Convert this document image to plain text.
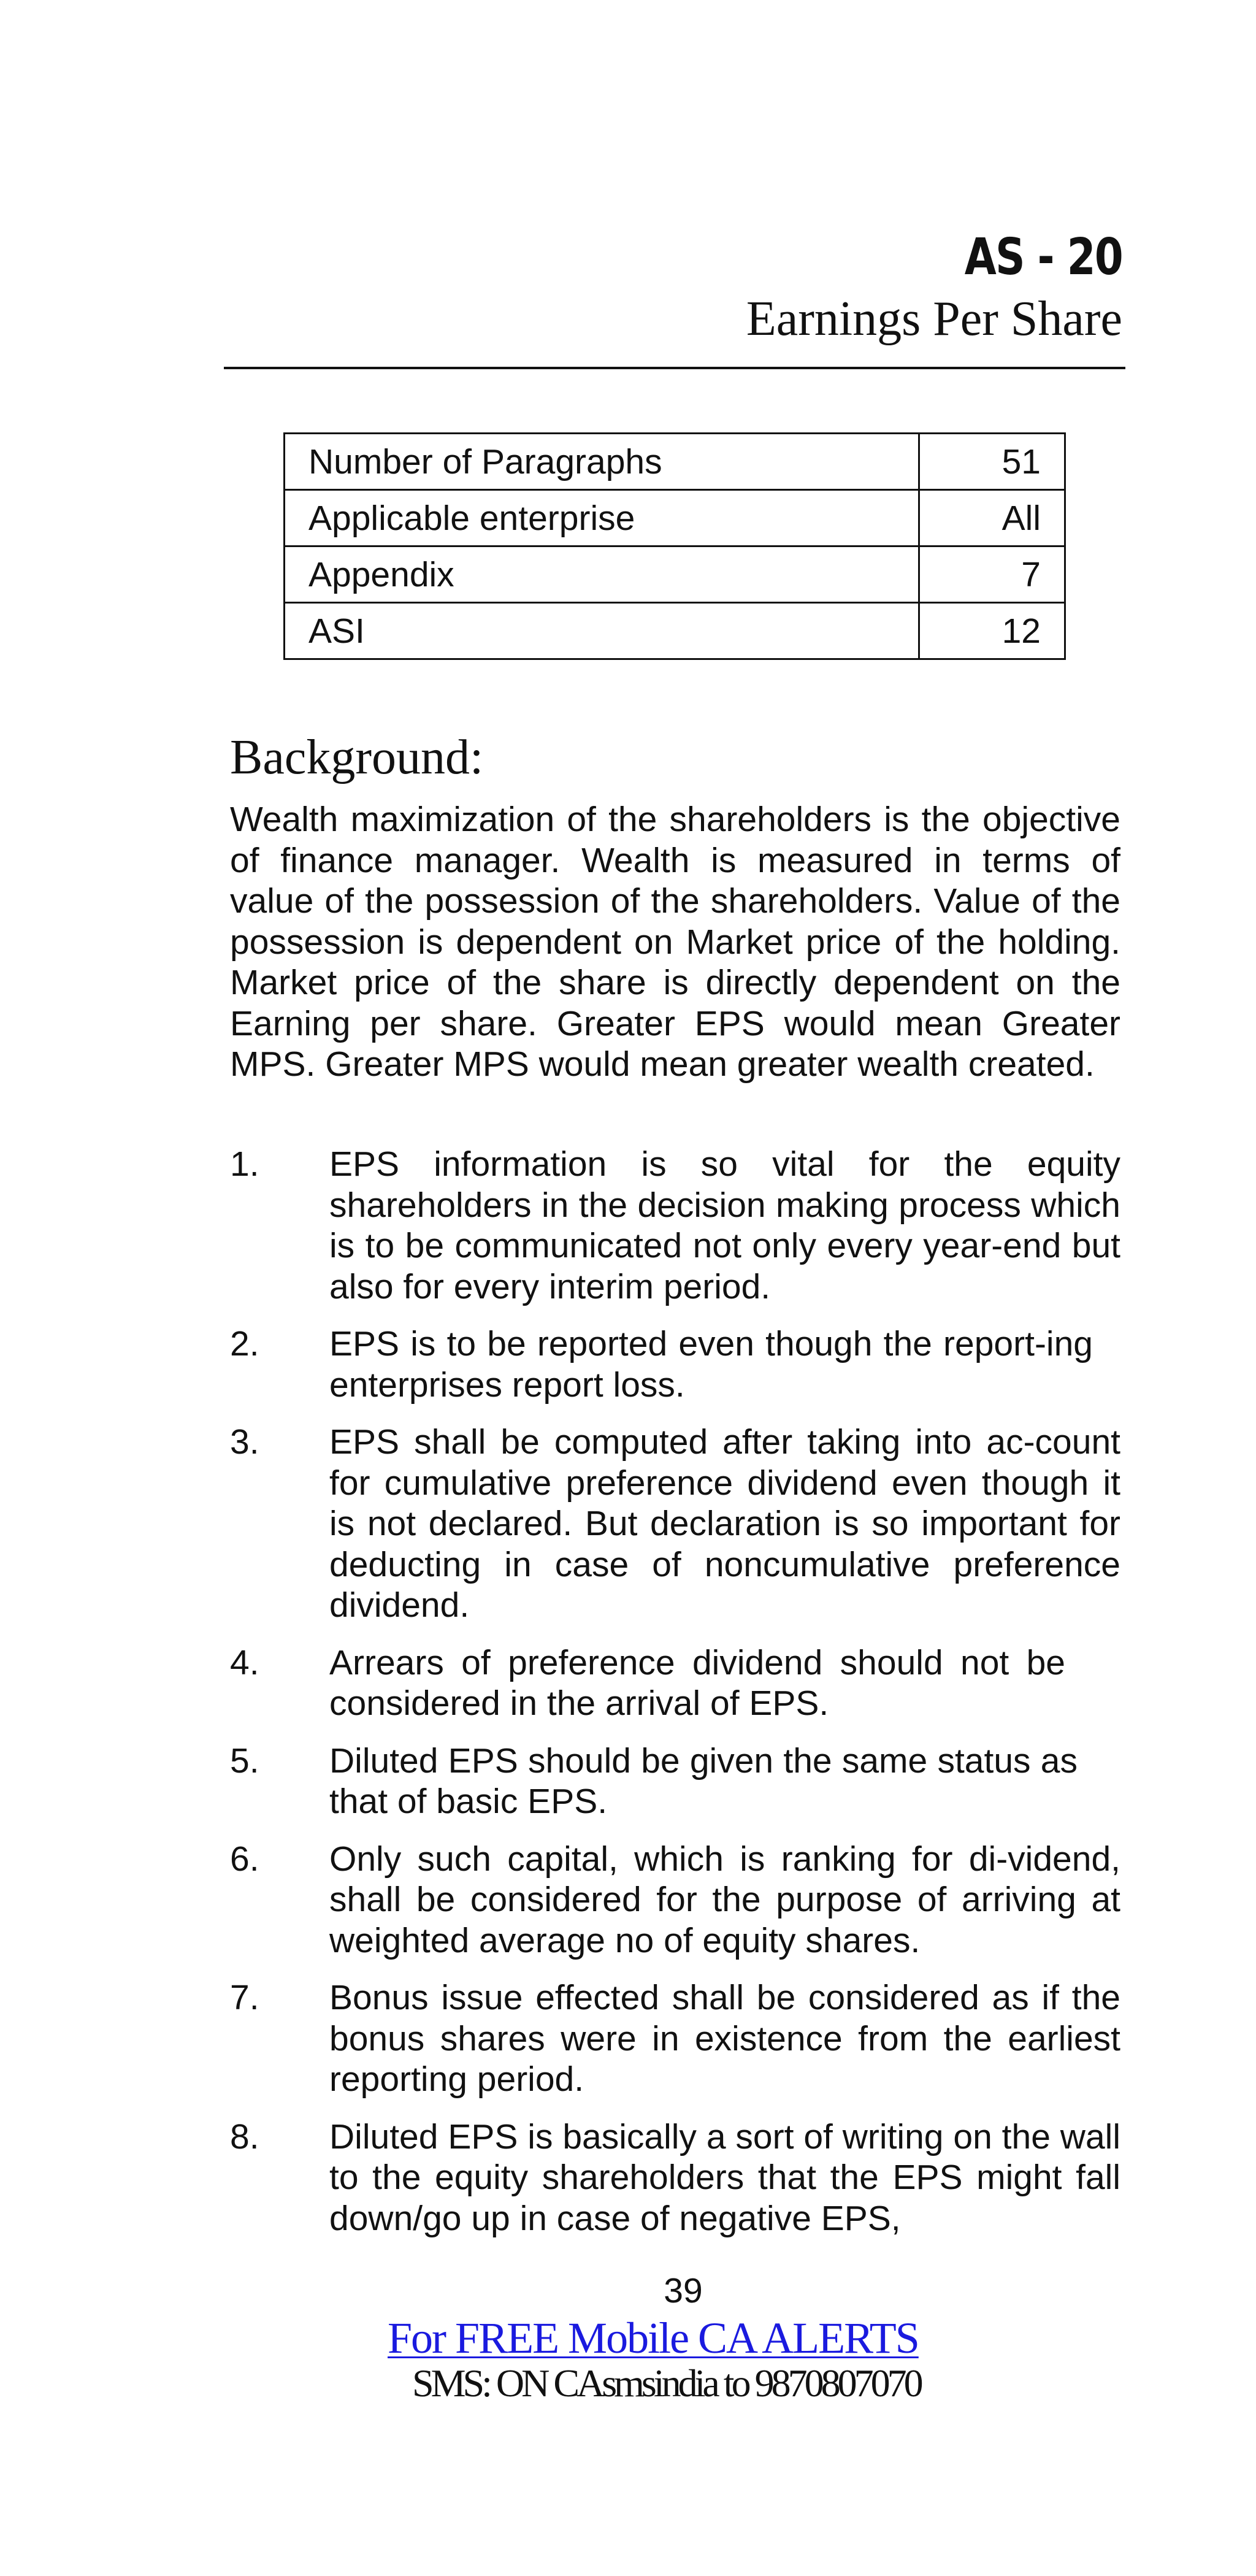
AS - 20
Earnings Per Share
Number of Paragraphs	51
Applicable enterprise	All
Appendix	7
ASI	12
Background:

Wealth maximization of the shareholders is the objective of finance manager. Wealth is measured in terms of value of the possession of the shareholders. Value of the possession is dependent on Market price of the holding. Market price of the share is directly dependent on the Earning per share. Greater EPS would mean Greater MPS. Greater MPS would mean greater wealth created.

1. EPS information is so vital for the equity shareholders in the decision making process which is to be communicated not only every year-end but also for every interim period.
2. EPS is to be reported even though the report-ing enterprises report loss.
3. EPS shall be computed after taking into ac-count for cumulative preference dividend even though it is not declared. But declaration is so important for deducting in case of noncumulative preference dividend.
4. Arrears of preference dividend should not be considered in the arrival of EPS.
5. Diluted EPS should be given the same status as that of basic EPS.
6. Only such capital, which is ranking for di-vidend, shall be considered for the purpose of arriving at weighted average no of equity shares.
7. Bonus issue effected shall be considered as if the bonus shares were in existence from the earliest reporting period.
8. Diluted EPS is basically a sort of writing on the wall to the equity shareholders that the EPS might fall down/go up in case of negative EPS,
39
For FREE Mobile CA ALERTS
SMS: ON CAsmsindia to 9870807070
